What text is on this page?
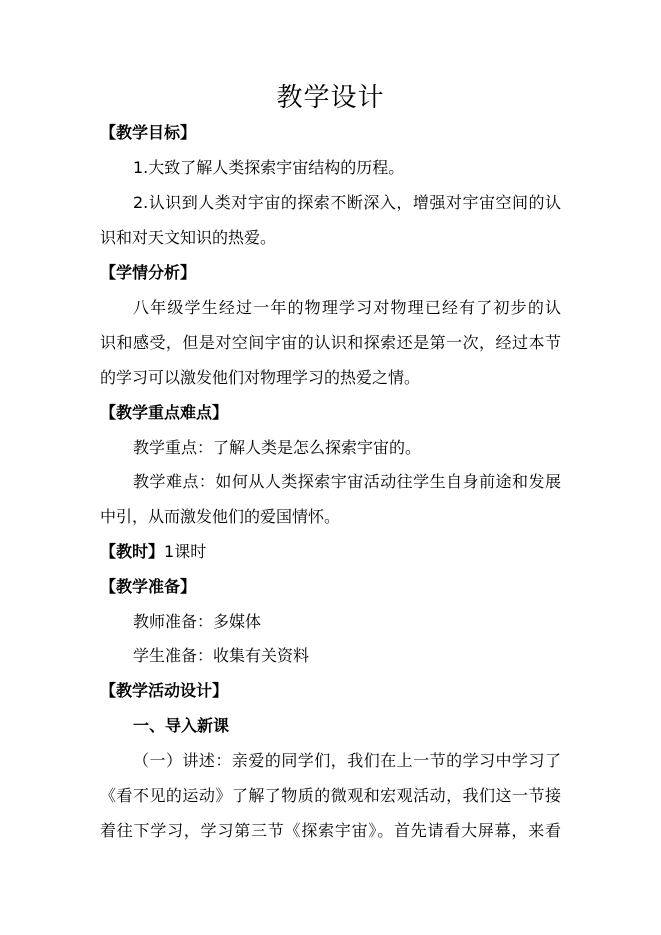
教学设计
【教学目标】
1.大致了解人类探索宇宙结构的历程。
2.认识到人类对宇宙的探索不断深入，增强对宇宙空间的认
识和对天文知识的热爱。
【学情分析】
八年级学生经过一年的物理学习对物理已经有了初步的认
识和感受，但是对空间宇宙的认识和探索还是第一次，经过本节
的学习可以激发他们对物理学习的热爱之情。
【教学重点难点】
教学重点：了解人类是怎么探索宇宙的。
教学难点：如何从人类探索宇宙活动往学生自身前途和发展
中引，从而激发他们的爱国情怀。
【教时】1课时
【教学准备】
教师准备：多媒体
学生准备：收集有关资料
【教学活动设计】
一、导入新课
（一）讲述：亲爱的同学们，我们在上一节的学习中学习了
《看不见的运动》了解了物质的微观和宏观活动，我们这一节接
着往下学习，学习第三节《探索宇宙》。首先请看大屏幕，来看
